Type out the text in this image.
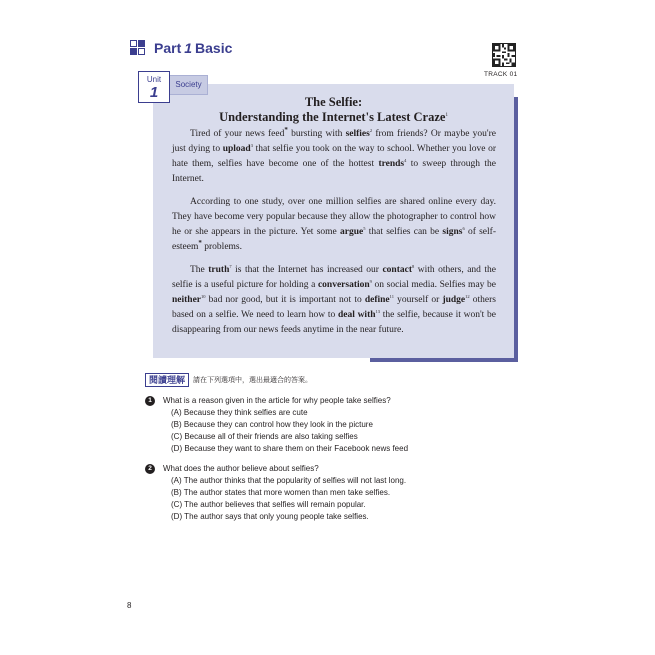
Part 1 Basic
TRACK 01
Unit
1	Society
The Selfie:
Understanding the Internet's Latest Craze$^1$

Tired of your news feed* bursting with selfies$^2$ from friends? Or maybe you're just dying to upload$^3$ that selfie you took on the way to school. Whether you love or hate them, selfies have become one of the hottest trends$^4$ to sweep through the Internet.

According to one study, over one million selfies are shared online every day. They have become very popular because they allow the photographer to control how he or she appears in the picture. Yet some argue$^5$ that selfies can be signs$^6$ of self-esteem* problems.

The truth$^7$ is that the Internet has increased our contact$^8$ with others, and the selfie is a useful picture for holding a conversation$^9$ on social media. Selfies may be neither$^{10}$ bad nor good, but it is important not to define$^{11}$ yourself or judge$^{12}$ others based on a selfie. We need to learn how to deal with$^{13}$ the selfie, because it won't be disappearing from our news feeds anytime in the near future.

閱讀理解	請在下列選項中，選出最適合的答案。
1	What is a reason given in the article for why people take selfies?
(A) Because they think selfies are cute
(B) Because they can control how they look in the picture
(C) Because all of their friends are also taking selfies
(D) Because they want to share them on their Facebook news feed
2	What does the author believe about selfies?
(A) The author thinks that the popularity of selfies will not last long.
(B) The author states that more women than men take selfies.
(C) The author believes that selfies will remain popular.
(D) The author says that only young people take selfies.
8
